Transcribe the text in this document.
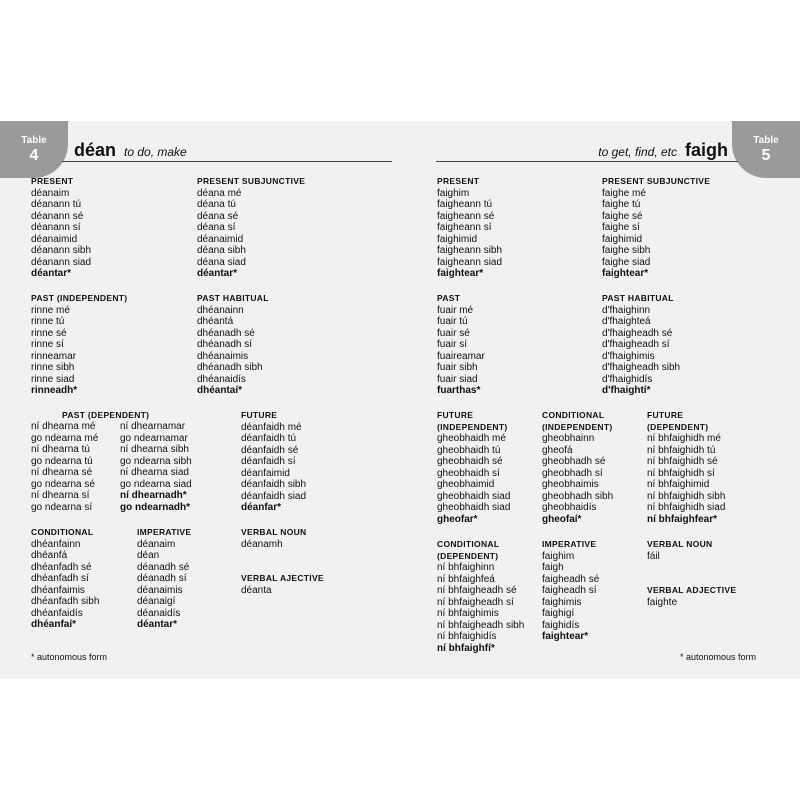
Table
4	déan to do, make
PRESENT
déanaim
déanann tú
déanann sé
déanann sí
déanaimid
déanann sibh
déanann siad
déantar*
PRESENT SUBJUNCTIVE
déana mé
déana tú
déana sé
déana sí
déanaimid
déana sibh
déana siad
déantar*
PAST (INDEPENDENT)
rinne mé
rinne tú
rinne sé
rinne sí
rinneamar
rinne sibh
rinne siad
rinneadh*
PAST HABITUAL
dhéanainn
dhéantá
dhéanadh sé
dhéanadh sí
dhéanaimis
dhéanadh sibh
dhéanaidís
dhéantaí*
PAST (DEPENDENT)
ní dhearna mé
go ndearna mé
ní dhearna tú
go ndearna tú
ní dhearna sé
go ndearna sé
ní dhearna sí
go ndearna sí
ní dhearnamar
go ndearnamar
ní dhearna sibh
go ndearna sibh
ní dhearna siad
go ndearna siad
ní dhearnadh*
go ndearnadh*
FUTURE
déanfaidh mé
déanfaidh tú
déanfaidh sé
déanfaidh sí
déanfaimid
déanfaidh sibh
déanfaidh siad
déanfar*
CONDITIONAL
dhéanfainn
dhéanfá
dhéanfadh sé
dhéanfadh sí
dhéanfaimis
dhéanfadh sibh
dhéanfaidís
dhéanfaí*
IMPERATIVE
déanaim
déan
déanadh sé
déanadh sí
déanaimis
déanaigí
déanaidís
déantar*
VERBAL NOUN
déanamh
VERBAL AJECTIVE
déanta
* autonomous form
Table
5
to get, find, etc faigh
PRESENT
faighim
faigheann tú
faigheann sé
faigheann sí
faighimid
faigheann sibh
faigheann siad
faightear*
PRESENT SUBJUNCTIVE
faighe mé
faighe tú
faighe sé
faighe sí
faighimid
faighe sibh
faighe siad
faightear*
PAST
fuair mé
fuair tú
fuair sé
fuair sí
fuaireamar
fuair sibh
fuair siad
fuarthas*
PAST HABITUAL
d'fhaighinn
d'fhaighteá
d'fhaigheadh sé
d'fhaigheadh sí
d'fhaighimis
d'fhaigheadh sibh
d'fhaighidís
d'fhaightí*
FUTURE
(INDEPENDENT)
gheobhaidh mé
gheobhaidh tú
gheobhaidh sé
gheobhaidh sí
gheobhaimid
gheobhaidh siad
gheobhaidh siad
gheofar*
CONDITIONAL
(INDEPENDENT)
gheobhainn
gheofá
gheobhadh sé
gheobhadh sí
gheobhaimis
gheobhadh sibh
gheobhaidís
gheofaí*
FUTURE
(DEPENDENT)
ní bhfaighidh mé
ní bhfaighidh tú
ní bhfaighidh sé
ní bhfaighidh sí
ní bhfaighimid
ní bhfaighidh sibh
ní bhfaighidh siad
ní bhfaighfear*
CONDITIONAL
(DEPENDENT)
ní bhfaighinn
ní bhfaighfeá
ní bhfaigheadh sé
ní bhfaigheadh sí
ní bhfaighimis
ní bhfaigheadh sibh
ní bhfaighidís
ní bhfaighfí*
IMPERATIVE
faighim
faigh
faigheadh sé
faigheadh sí
faighimis
faighigí
faighidís
faightear*
VERBAL NOUN
fáil
VERBAL ADJECTIVE
faighte
* autonomous form
